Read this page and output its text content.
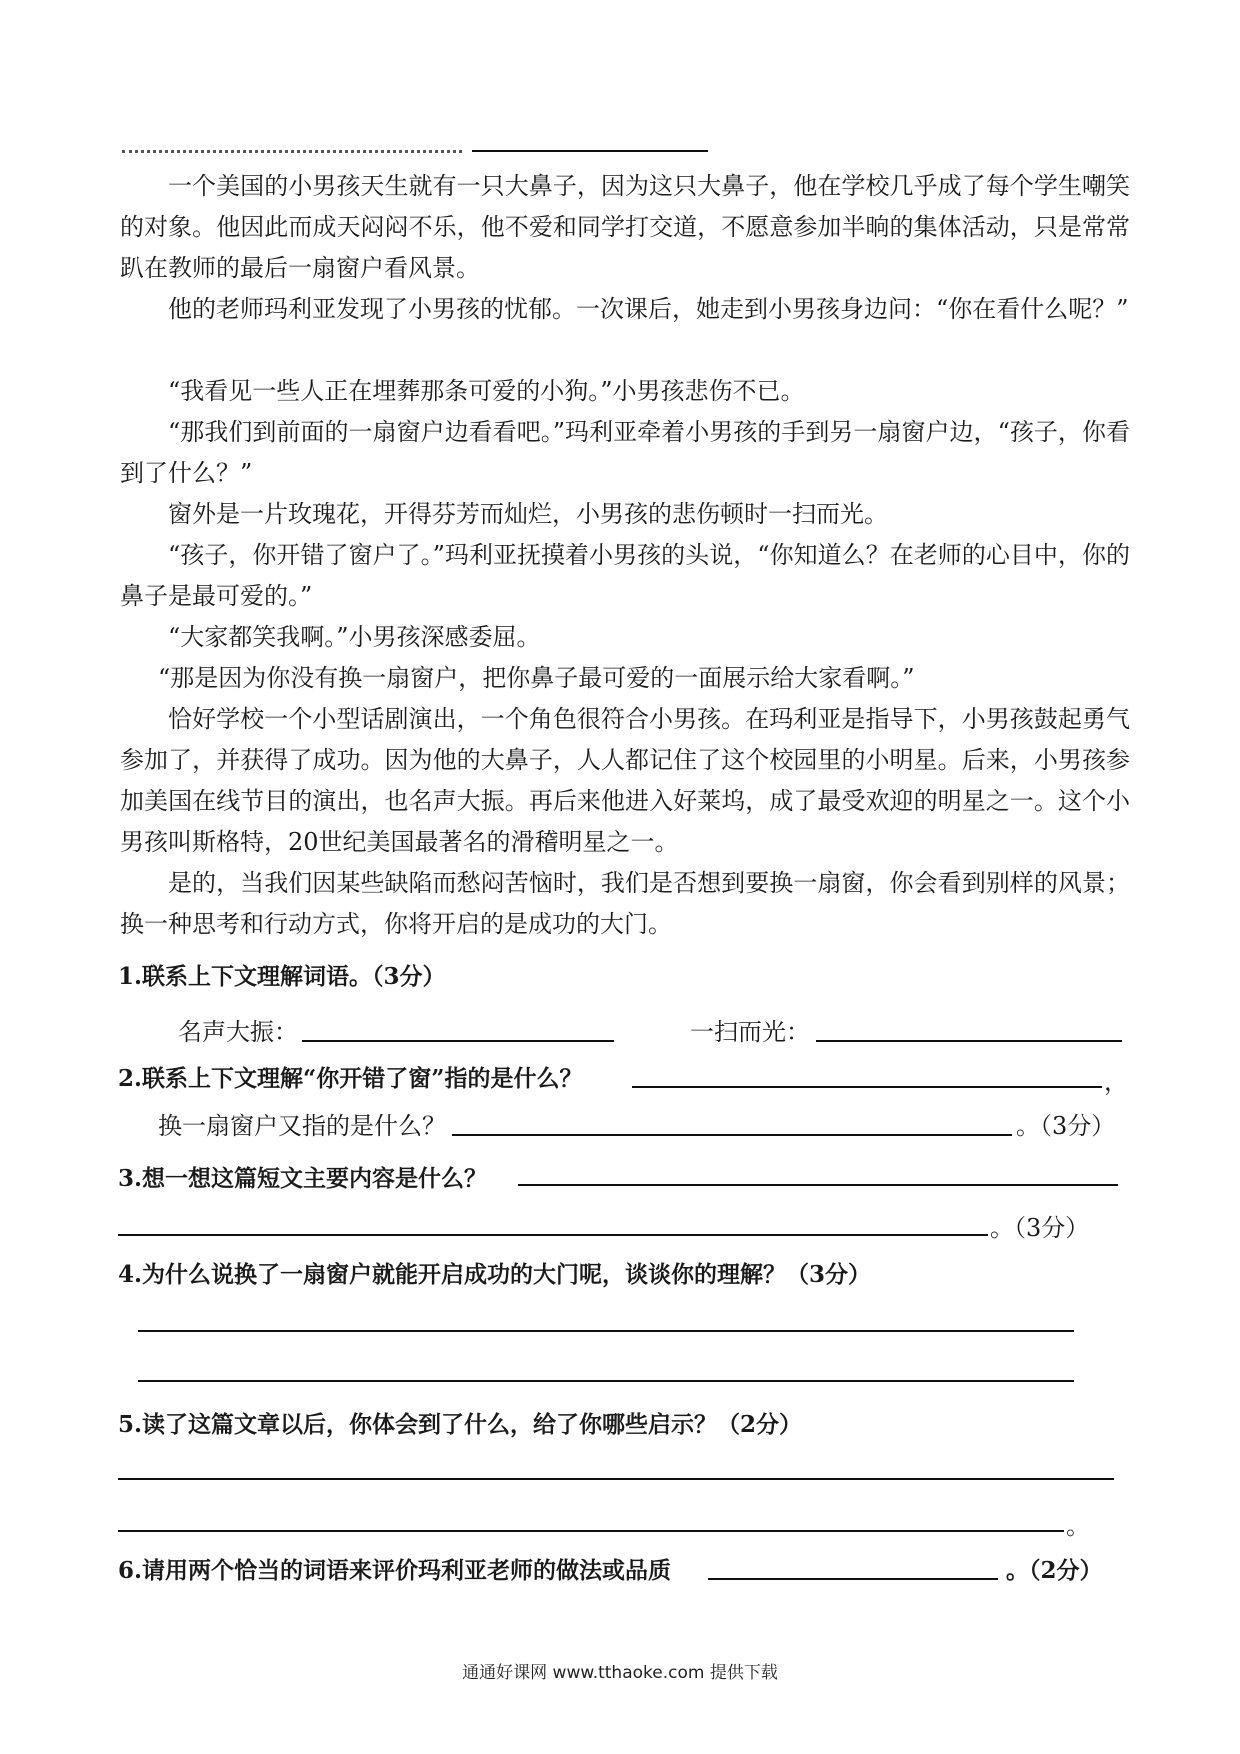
一个美国的小男孩天生就有一只大鼻子，因为这只大鼻子，他在学校几乎成了每个学生嘲笑的对象。他因此而成天闷闷不乐，他不爱和同学打交道，不愿意参加半晌的集体活动，只是常常趴在教师的最后一扇窗户看风景。

他的老师玛利亚发现了小男孩的忧郁。一次课后，她走到小男孩身边问：“你在看什么呢？”

“我看见一些人正在埋葬那条可爱的小狗。”小男孩悲伤不已。

“那我们到前面的一扇窗户边看看吧。”玛利亚牵着小男孩的手到另一扇窗户边，“孩子，你看到了什么？”

窗外是一片玫瑰花，开得芬芳而灿烂，小男孩的悲伤顿时一扫而光。

“孩子，你开错了窗户了。”玛利亚抚摸着小男孩的头说，“你知道么？在老师的心目中，你的鼻子是最可爱的。”

“大家都笑我啊。”小男孩深感委屈。

“那是因为你没有换一扇窗户，把你鼻子最可爱的一面展示给大家看啊。”

恰好学校一个小型话剧演出，一个角色很符合小男孩。在玛利亚是指导下，小男孩鼓起勇气参加了，并获得了成功。因为他的大鼻子，人人都记住了这个校园里的小明星。后来，小男孩参加美国在线节目的演出，也名声大振。再后来他进入好莱坞，成了最受欢迎的明星之一。这个小男孩叫斯格特，20世纪美国最著名的滑稽明星之一。

是的，当我们因某些缺陷而愁闷苦恼时，我们是否想到要换一扇窗，你会看到别样的风景；换一种思考和行动方式，你将开启的是成功的大门。

1.联系上下文理解词语。（3分）
名声大振：	一扫而光：
2.联系上下文理解“你开错了窗”指的是什么？	，
换一扇窗户又指的是什么？	。（3分）
3.想一想这篇短文主要内容是什么？
。（3分）
4.为什么说换了一扇窗户就能开启成功的大门呢，谈谈你的理解？（3分）
5.读了这篇文章以后，你体会到了什么，给了你哪些启示？（2分）
。
6.请用两个恰当的词语来评价玛利亚老师的做法或品质	。（2分）
通通好课网 www.tthaoke.com 提供下载
